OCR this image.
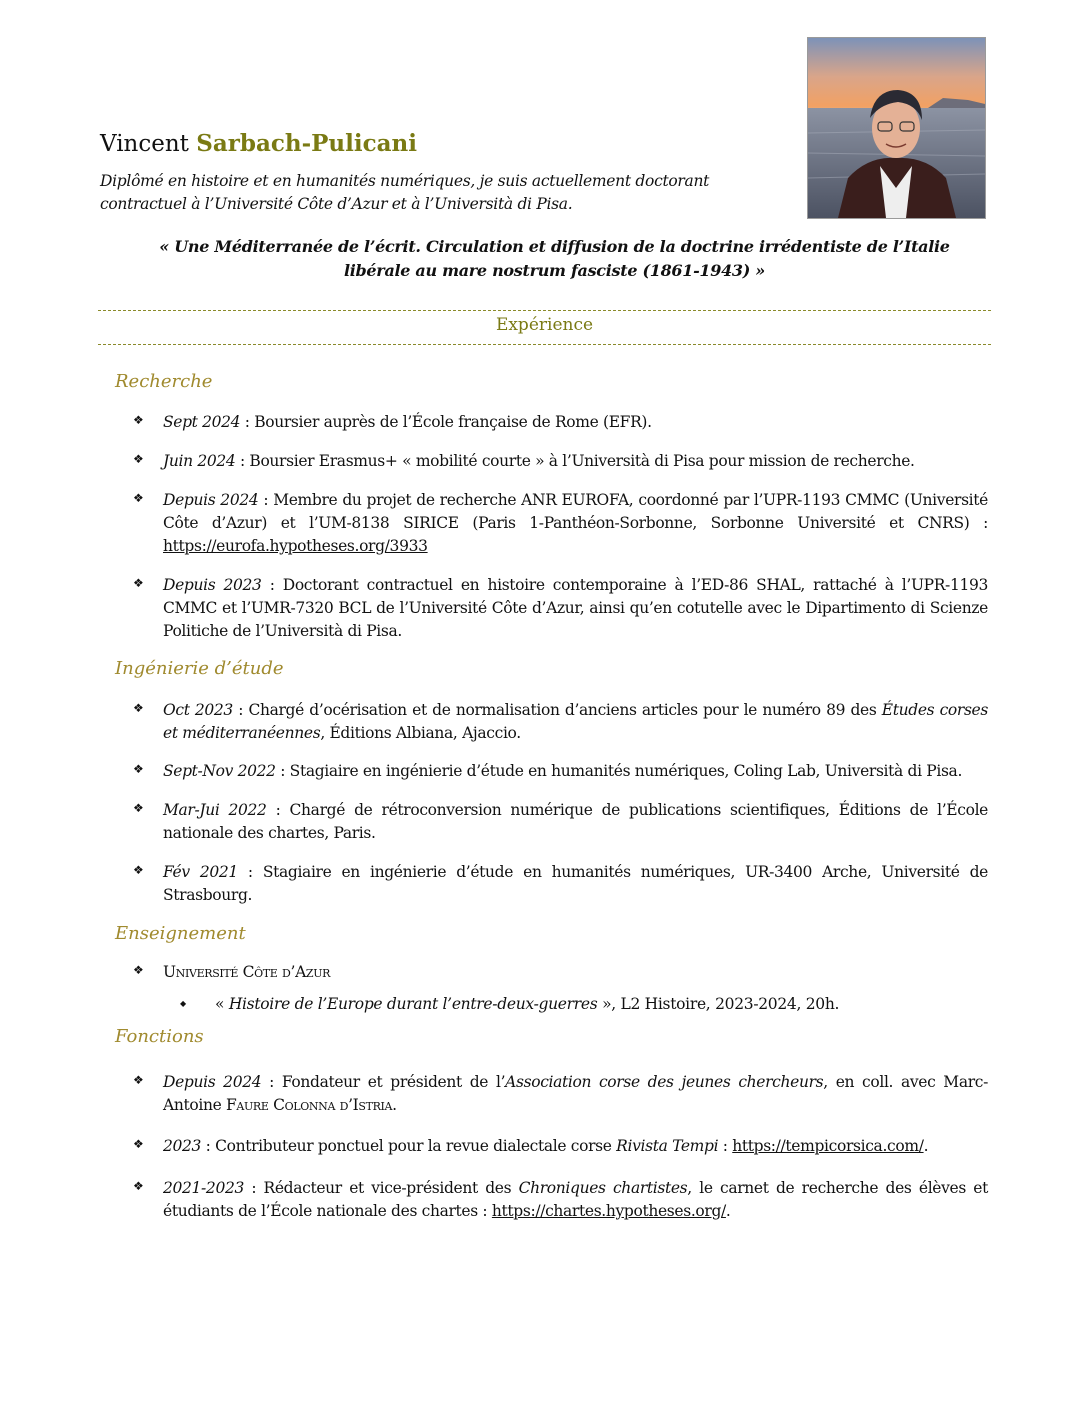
Vincent Sarbach-Pulicani

Diplômé en histoire et en humanités numériques, je suis actuellement doctorant
contractuel à l’Université Côte d’Azur et à l’Università di Pisa.

« Une Méditerranée de l’écrit. Circulation et diffusion de la doctrine irrédentiste de l’Italie
libérale au mare nostrum fasciste (1861-1943) »

Expérience
Recherche
❖ Sept 2024 : Boursier auprès de l’École française de Rome (EFR).
❖ Juin 2024 : Boursier Erasmus+ « mobilité courte » à l’Università di Pisa pour mission de recherche.
❖ Depuis 2024 : Membre du projet de recherche ANR EUROFA, coordonné par l’UPR-1193 CMMC (Université Côte d’Azur) et l’UM-8138 SIRICE (Paris 1-Panthéon-Sorbonne, Sorbonne Université et CNRS) : https://eurofa.hypotheses.org/3933
❖ Depuis 2023 : Doctorant contractuel en histoire contemporaine à l’ED-86 SHAL, rattaché à l’UPR-1193 CMMC et l’UMR-7320 BCL de l’Université Côte d’Azur, ainsi qu’en cotutelle avec le Dipartimento di Scienze Politiche de l’Università di Pisa.
Ingénierie d’étude
❖ Oct 2023 : Chargé d’océrisation et de normalisation d’anciens articles pour le numéro 89 des Études corses et méditerranéennes, Éditions Albiana, Ajaccio.
❖ Sept-Nov 2022 : Stagiaire en ingénierie d’étude en humanités numériques, Coling Lab, Università di Pisa.
❖ Mar-Jui 2022 : Chargé de rétroconversion numérique de publications scientifiques, Éditions de l’École nationale des chartes, Paris.
❖ Fév 2021 : Stagiaire en ingénierie d’étude en humanités numériques, UR-3400 Arche, Université de Strasbourg.
Enseignement
❖ Université Côte d’Azur
◆ « Histoire de l’Europe durant l’entre-deux-guerres », L2 Histoire, 2023-2024, 20h.
Fonctions
❖ Depuis 2024 : Fondateur et président de l’Association corse des jeunes chercheurs, en coll. avec Marc-Antoine Faure Colonna d’Istria.
❖ 2023 : Contributeur ponctuel pour la revue dialectale corse Rivista Tempi : https://tempicorsica.com/.
❖ 2021-2023 : Rédacteur et vice-président des Chroniques chartistes, le carnet de recherche des élèves et étudiants de l’École nationale des chartes : https://chartes.hypotheses.org/.
